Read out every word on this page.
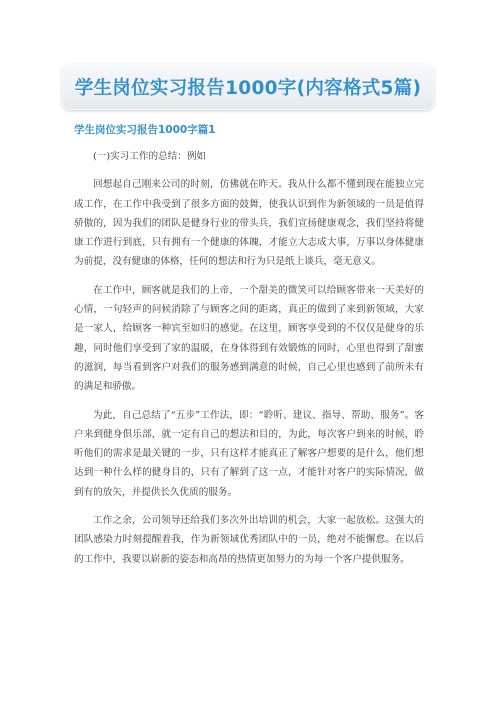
学生岗位实习报告1000字(内容格式5篇)
学生岗位实习报告1000字篇1

(一)实习工作的总结：例如

回想起自己刚来公司的时刻，仿佛就在昨天。我从什么都不懂到现在能独立完成工作，在工作中我受到了很多方面的鼓舞，使我认识到作为新领域的一员是值得骄傲的，因为我们的团队是健身行业的带头兵，我们宣扬健康观念，我们坚持将健康工作进行到底，只有拥有一个健康的体魄，才能立大志成大事，万事以身体健康为前提，没有健康的体格，任何的想法和行为只是纸上谈兵，毫无意义。

在工作中，顾客就是我们的上帝，一个甜美的微笑可以给顾客带来一天美好的心情，一句轻声的问候消除了与顾客之间的距离，真正的做到了来到新领域，大家是一家人，给顾客一种宾至如归的感觉。在这里，顾客享受到的不仅仅是健身的乐趣，同时他们享受到了家的温暖，在身体得到有效锻炼的同时，心里也得到了甜蜜的滋润，每当看到客户对我们的服务感到满意的时候，自己心里也感到了前所未有的满足和骄傲。

为此，自己总结了“五步”工作法，即：“聆听、建议、指导、帮助、服务”。客户来到健身俱乐部，就一定有自己的想法和目的，为此，每次客户到来的时候，聆听他们的需求是最关键的一步，只有这样才能真正了解客户想要的是什么，他们想达到一种什么样的健身目的，只有了解到了这一点，才能针对客户的实际情况，做到有的放矢，并提供长久优质的服务。

工作之余，公司领导还给我们多次外出培训的机会，大家一起放松。这强大的团队感染力时刻提醒着我，作为新领域优秀团队中的一员，绝对不能懈怠。在以后的工作中，我要以崭新的姿态和高昂的热情更加努力的为每一个客户提供服务。
